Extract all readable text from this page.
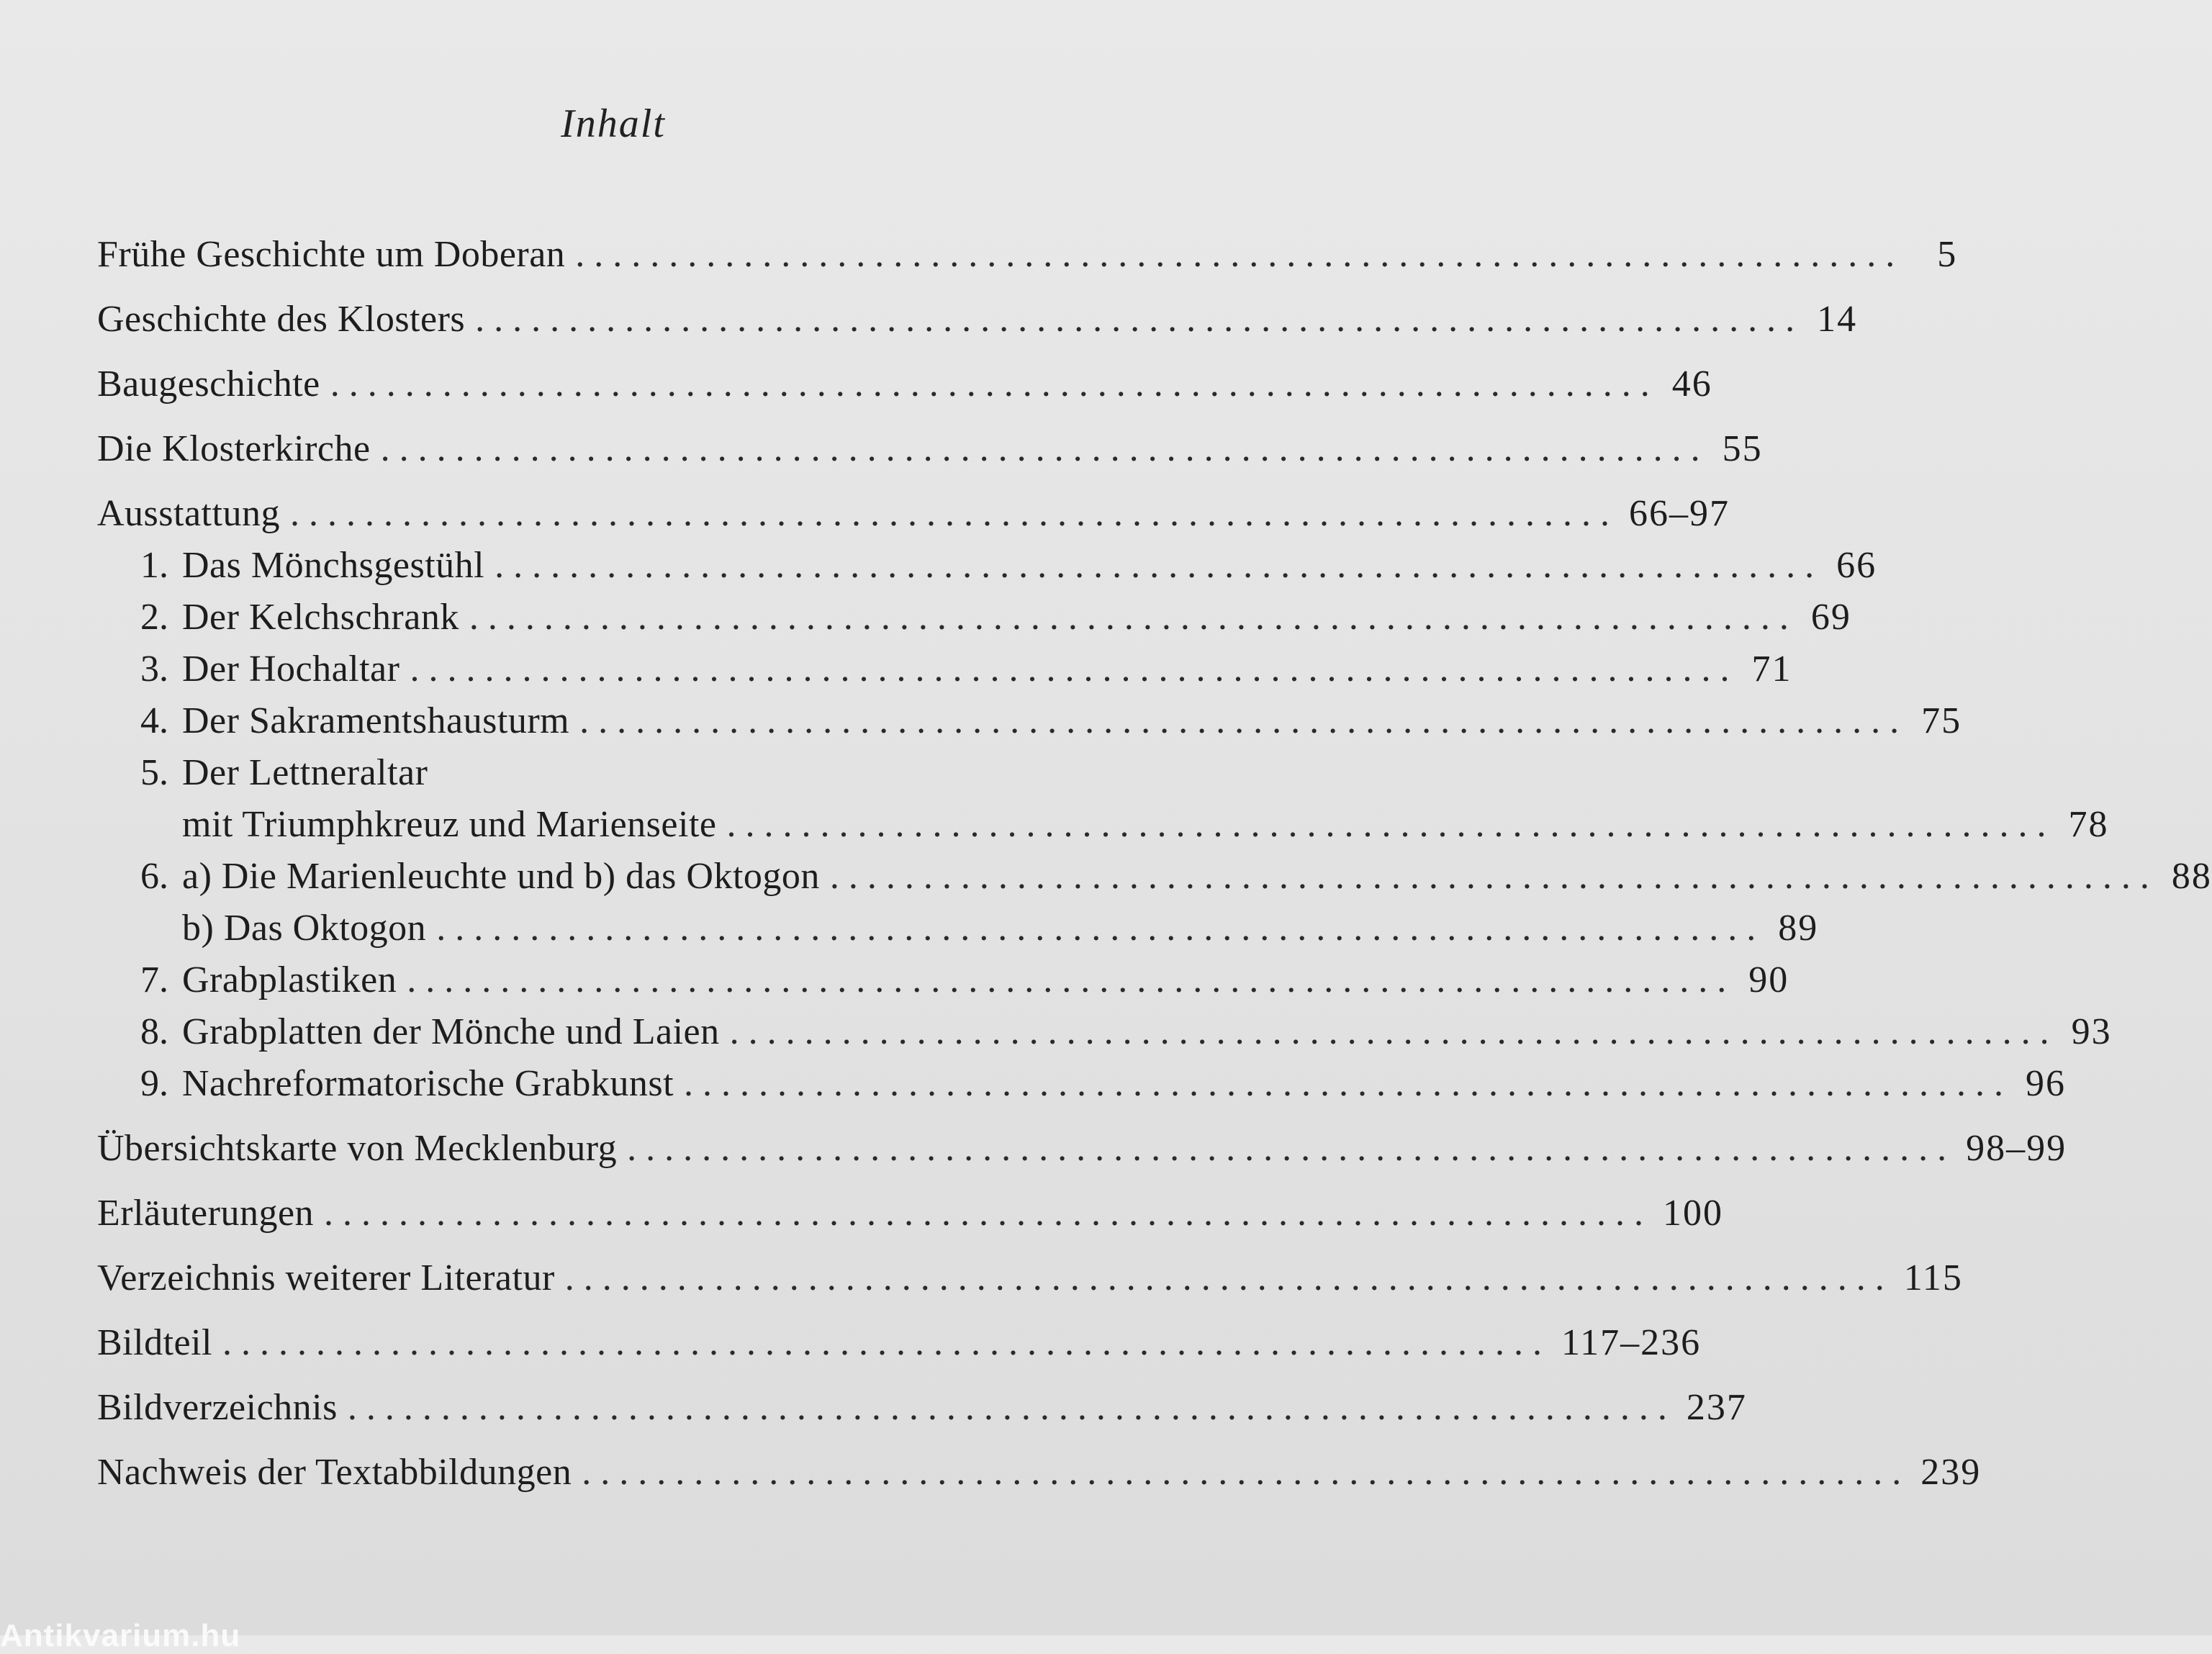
Inhalt
Frühe Geschichte um Doberan ....................................................................... 5
Geschichte des Klosters ....................................................................... 14
Baugeschichte ....................................................................... 46
Die Klosterkirche ....................................................................... 55
Ausstattung ....................................................................... 66–97
1. Das Mönchsgestühl ....................................................................... 66
2. Der Kelchschrank ....................................................................... 69
3. Der Hochaltar ....................................................................... 71
4. Der Sakramentshausturm ....................................................................... 75
5. Der Lettneraltar
mit Triumphkreuz und Marienseite ....................................................................... 78
6. a) Die Marienleuchte und b) das Oktogon ....................................................................... 88
b) Das Oktogon ....................................................................... 89
7. Grabplastiken ....................................................................... 90
8. Grabplatten der Mönche und Laien ....................................................................... 93
9. Nachreformatorische Grabkunst ....................................................................... 96
Übersichtskarte von Mecklenburg ....................................................................... 98–99
Erläuterungen ....................................................................... 100
Verzeichnis weiterer Literatur ....................................................................... 115
Bildteil ....................................................................... 117–236
Bildverzeichnis ....................................................................... 237
Nachweis der Textabbildungen ....................................................................... 239
Antikvarium.hu
